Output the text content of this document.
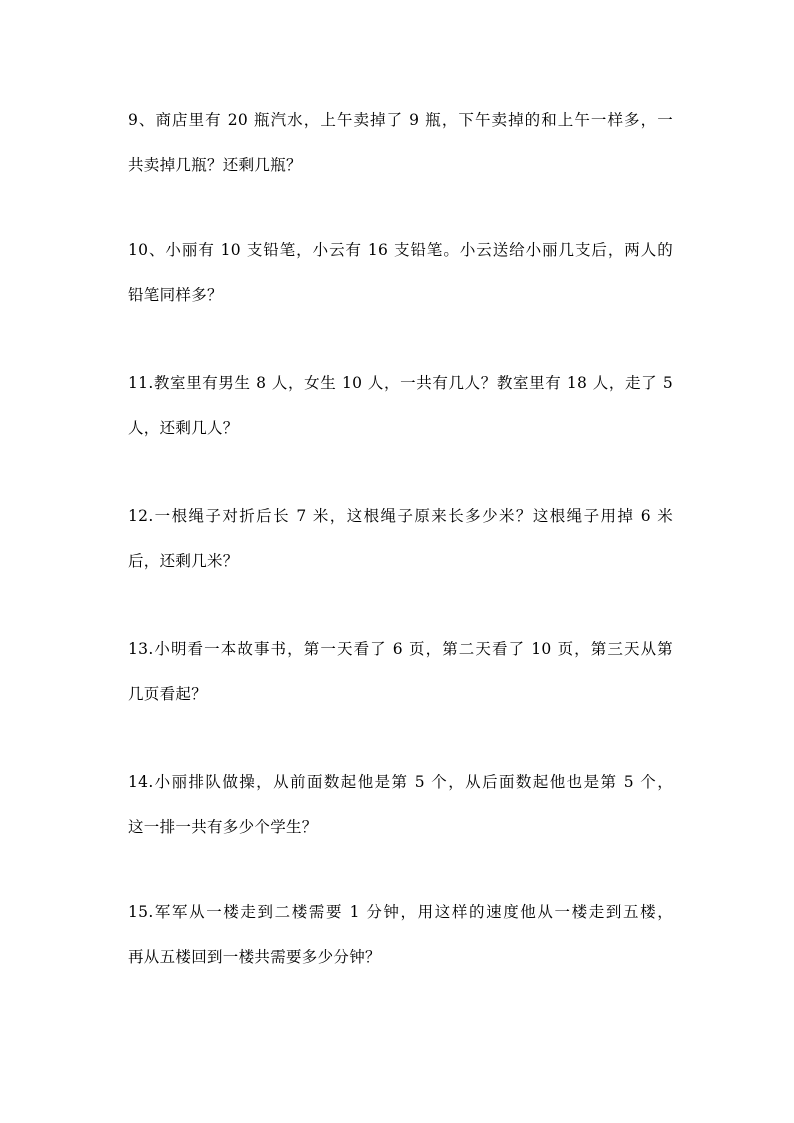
9、商店里有 20 瓶汽水，上午卖掉了 9 瓶，下午卖掉的和上午一样多，一
共卖掉几瓶？还剩几瓶？
10、小丽有 10 支铅笔，小云有 16 支铅笔。小云送给小丽几支后，两人的
铅笔同样多？
11.教室里有男生 8 人，女生 10 人，一共有几人？教室里有 18 人，走了 5
人，还剩几人？
12.一根绳子对折后长 7 米，这根绳子原来长多少米？这根绳子用掉 6 米
后，还剩几米？
13.小明看一本故事书，第一天看了 6 页，第二天看了 10 页，第三天从第
几页看起？
14.小丽排队做操，从前面数起他是第 5 个，从后面数起他也是第 5 个，
这一排一共有多少个学生？
15.军军从一楼走到二楼需要 1 分钟，用这样的速度他从一楼走到五楼，
再从五楼回到一楼共需要多少分钟？
